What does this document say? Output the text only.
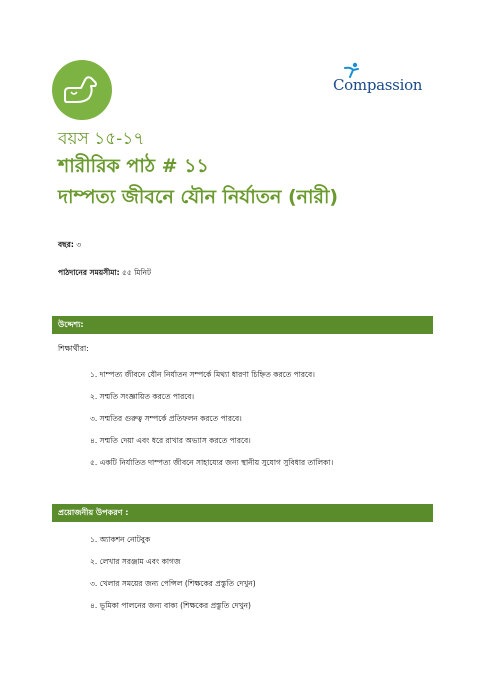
Compassion
বয়স ১৫-১৭
শারীরিক পাঠ # ১১
দাম্পত্য জীবনে যৌন নির্যাতন (নারী)
বছর: ৩
পাঠদানের সময়সীমা: ৫৫ মিনিট
উদ্দেশ্য:
শিক্ষার্থীরা:
১. দাম্পত্য জীবনে যৌন নির্যাতন সম্পর্কে মিথ্যা ধারণা চিহ্নিত করতে পারবে।
২. সম্মতি সংজ্ঞায়িত করতে পারবে।
৩. সম্মতির গুরুত্ব সম্পর্কে প্রতিফলন করতে পারবে।
৪. সম্মতি দেয়া এবং ধরে রাখার অভ্যাস করতে পারবে।
৫. একটি নির্যাতিত দাম্পত্য জীবনে সাহায্যের জন্য স্থানীয় সুযোগ সুবিধার তালিকা।
প্রয়োজনীয় উপকরণ :
১. অ্যাকশন নোটবুক
২. লেখার সরঞ্জাম এবং কাগজ
৩. খেলার সময়ের জন্য পেন্সিল (শিক্ষকের প্রস্তুতি দেখুন)
৪. ভূমিকা পালনের জন্য বাক্য (শিক্ষকের প্রস্তুতি দেখুন)
